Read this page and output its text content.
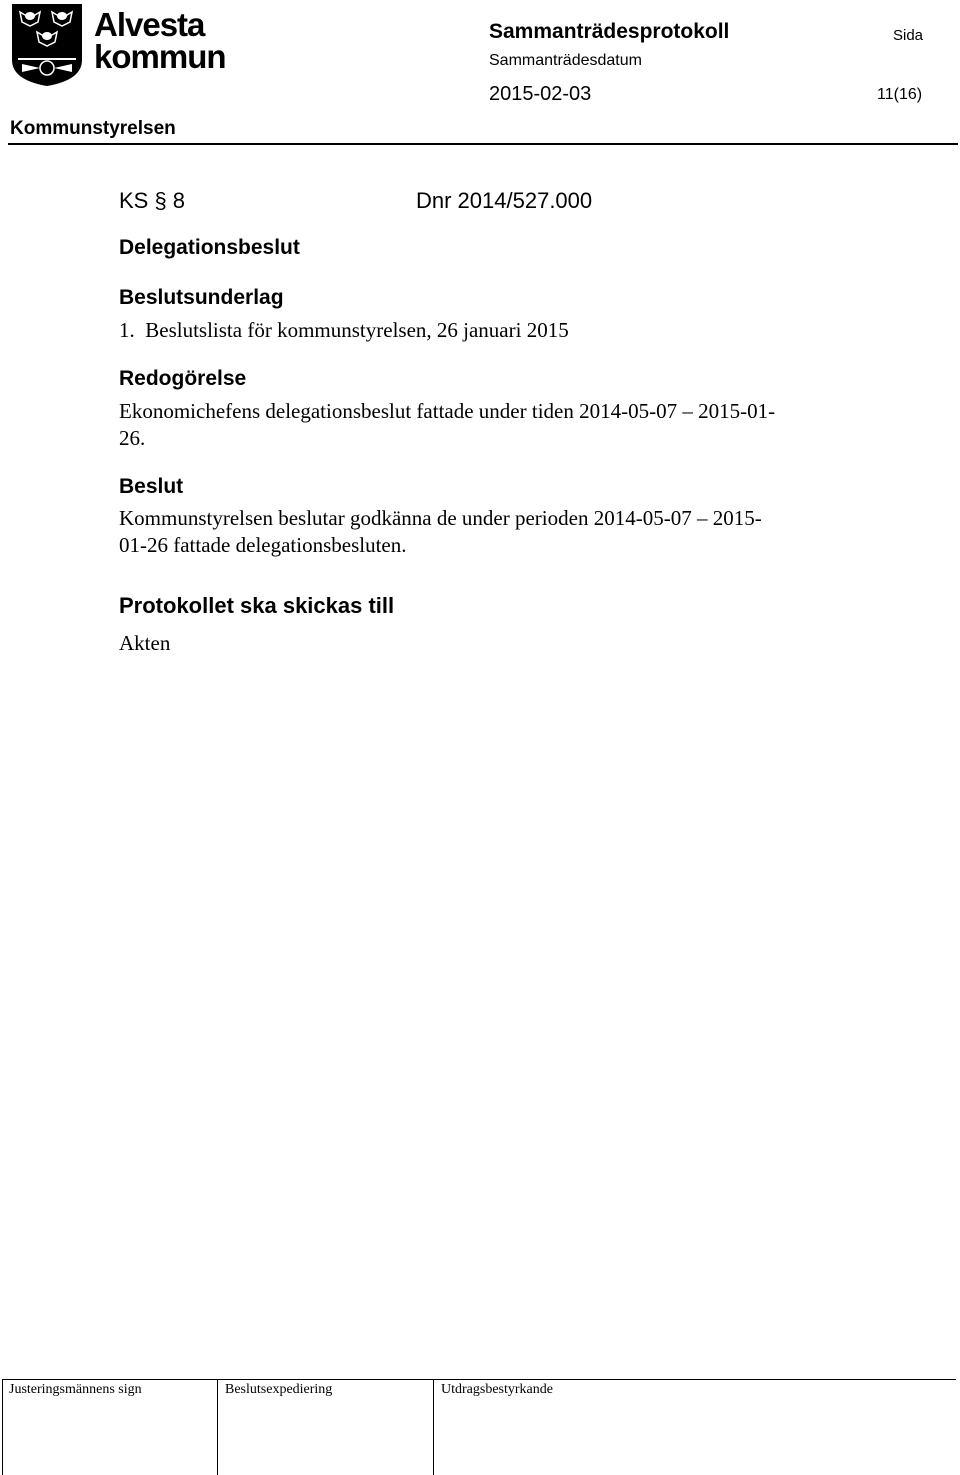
Alvesta
kommun
Sammanträdesprotokoll
Sammanträdesdatum
2015-02-03
Sida
11(16)
Kommunstyrelsen
KS § 8	Dnr 2014/527.000
Delegationsbeslut
Beslutsunderlag
1.  Beslutslista för kommunstyrelsen, 26 januari 2015
Redogörelse
Ekonomichefens delegationsbeslut fattade under tiden 2014-05-07 – 2015-01-26.
Beslut
Kommunstyrelsen beslutar godkänna de under perioden 2014-05-07 – 2015-01-26 fattade delegationsbesluten.
Protokollet ska skickas till
Akten
Justeringsmännens sign	Beslutsexpediering	Utdragsbestyrkande
